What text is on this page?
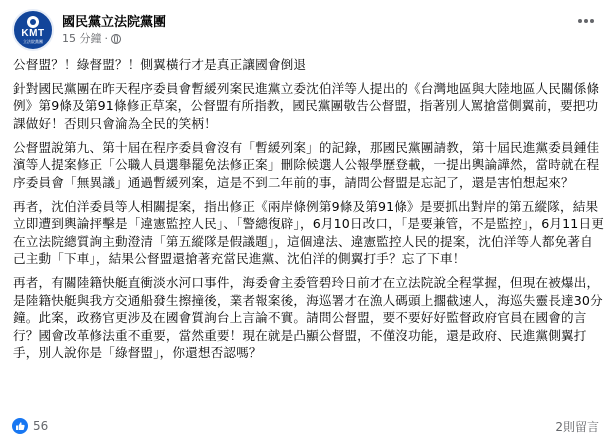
KMT
立法院黨團
國民黨立法院黨團
15 分鐘 ·

公督盟？！綠督盟？！側翼橫行才是真正讓國會倒退

針對國民黨團在昨天程序委員會暫緩列案民進黨立委沈伯洋等人提出的《台灣地區與大陸地區人民關係條例》第9條及第91條修正草案，公督盟有所指教，國民黨團敬告公督盟，指著別人罵搶當側翼前，要把功課做好！否則只會淪為全民的笑柄！

公督盟說第九、第十屆在程序委員會沒有「暫緩列案」的記錄，那國民黨團請教，第十屆民進黨委員鍾佳濱等人提案修正「公職人員選舉罷免法修正案」刪除候選人公報學歷登載，一提出輿論譁然，當時就在程序委員會「無異議」通過暫緩列案，這是不到二年前的事，請問公督盟是忘記了，還是害怕想起來？

再者，沈伯洋委員等人相關提案，指出修正《兩岸條例第9條及第91條》是要抓出對岸的第五縱隊，結果立即遭到輿論抨擊是「違憲監控人民」、「警總復辟」，6月10日改口，「是要兼管，不是監控」，6月11日更在立法院總質詢主動澄清「第五縱隊是假議題」，這個違法、違憲監控人民的提案，沈伯洋等人都免著自己主動「下車」，結果公督盟還搶著充當民進黨、沈伯洋的側翼打手？忘了下車！

再者，有關陸籍快艇直衝淡水河口事件，海委會主委管碧玲日前才在立法院說全程掌握，但現在被爆出，是陸籍快艇與我方交通船發生擦撞後，業者報案後，海巡署才在漁人碼頭上擱截速人，海巡失靈長達30分鐘。此案，政務官更涉及在國會質詢台上言論不實。請問公督盟，要不要好好監督政府官員在國會的言行？國會改革修法重不重要，當然重要！現在就是凸顯公督盟，不僅沒功能，還是政府、民進黨側翼打手，別人說你是「綠督盟」，你還想否認嗎？

56	2則留言
